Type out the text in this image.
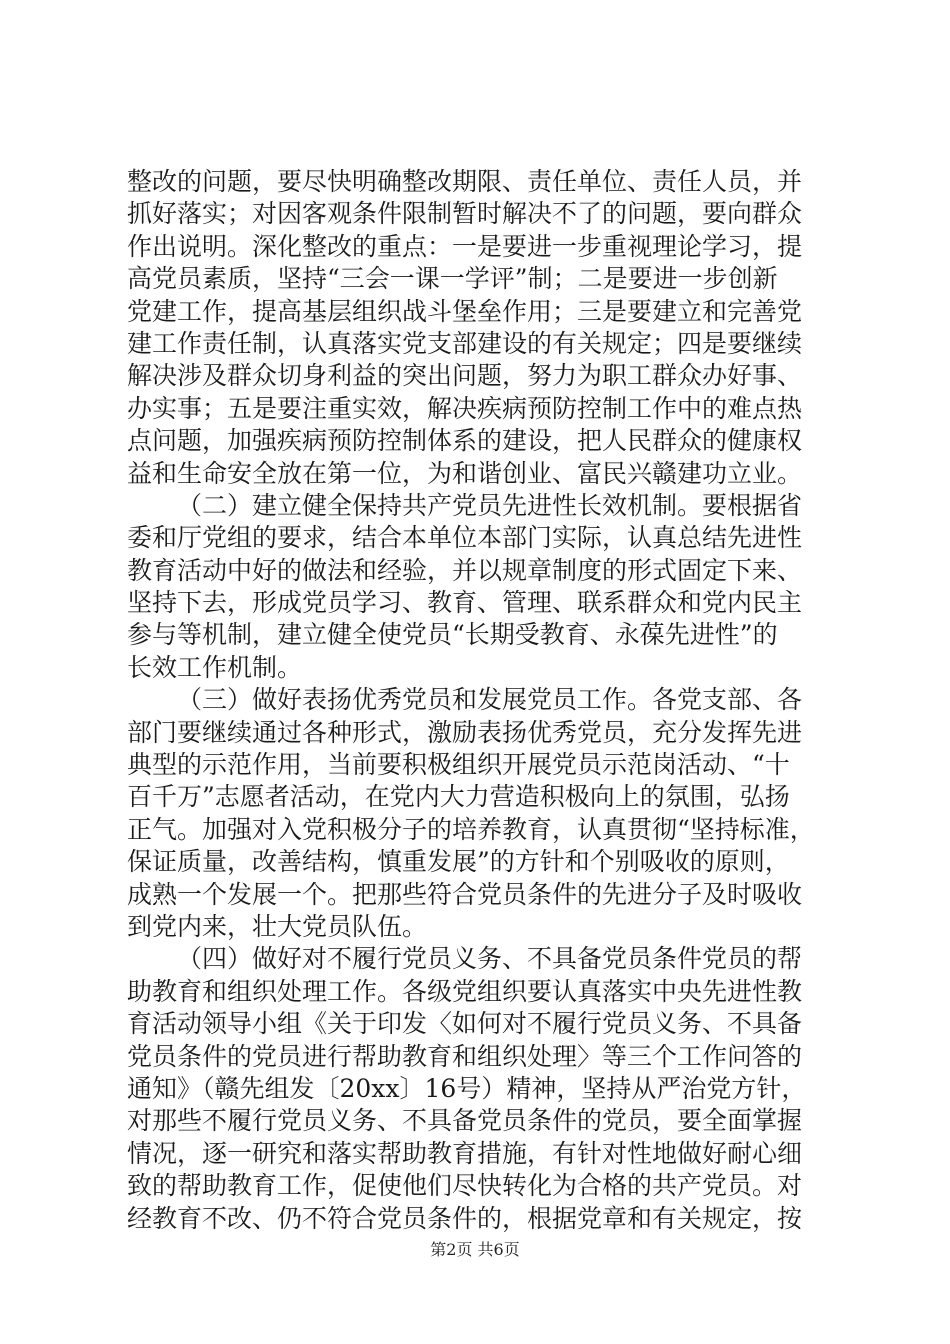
整改的问题，要尽快明确整改期限、责任单位、责任人员，并
抓好落实；对因客观条件限制暂时解决不了的问题，要向群众
作出说明。深化整改的重点：一是要进一步重视理论学习，提
高党员素质，坚持“三会一课一学评”制；二是要进一步创新
党建工作，提高基层组织战斗堡垒作用；三是要建立和完善党
建工作责任制，认真落实党支部建设的有关规定；四是要继续
解决涉及群众切身利益的突出问题，努力为职工群众办好事、
办实事；五是要注重实效，解决疾病预防控制工作中的难点热
点问题，加强疾病预防控制体系的建设，把人民群众的健康权
益和生命安全放在第一位，为和谐创业、富民兴赣建功立业。
（二）建立健全保持共产党员先进性长效机制。要根据省
委和厅党组的要求，结合本单位本部门实际，认真总结先进性
教育活动中好的做法和经验，并以规章制度的形式固定下来、
坚持下去，形成党员学习、教育、管理、联系群众和党内民主
参与等机制，建立健全使党员“长期受教育、永葆先进性”的
长效工作机制。
（三）做好表扬优秀党员和发展党员工作。各党支部、各
部门要继续通过各种形式，激励表扬优秀党员，充分发挥先进
典型的示范作用，当前要积极组织开展党员示范岗活动、“十
百千万”志愿者活动，在党内大力营造积极向上的氛围，弘扬
正气。加强对入党积极分子的培养教育，认真贯彻“坚持标准，
保证质量，改善结构，慎重发展”的方针和个别吸收的原则，
成熟一个发展一个。把那些符合党员条件的先进分子及时吸收
到党内来，壮大党员队伍。
（四）做好对不履行党员义务、不具备党员条件党员的帮
助教育和组织处理工作。各级党组织要认真落实中央先进性教
育活动领导小组《关于印发〈如何对不履行党员义务、不具备
党员条件的党员进行帮助教育和组织处理〉等三个工作问答的
通知》（赣先组发〔20xx〕16号）精神，坚持从严治党方针，
对那些不履行党员义务、不具备党员条件的党员，要全面掌握
情况，逐一研究和落实帮助教育措施，有针对性地做好耐心细
致的帮助教育工作，促使他们尽快转化为合格的共产党员。对
经教育不改、仍不符合党员条件的，根据党章和有关规定，按
第2页 共6页
